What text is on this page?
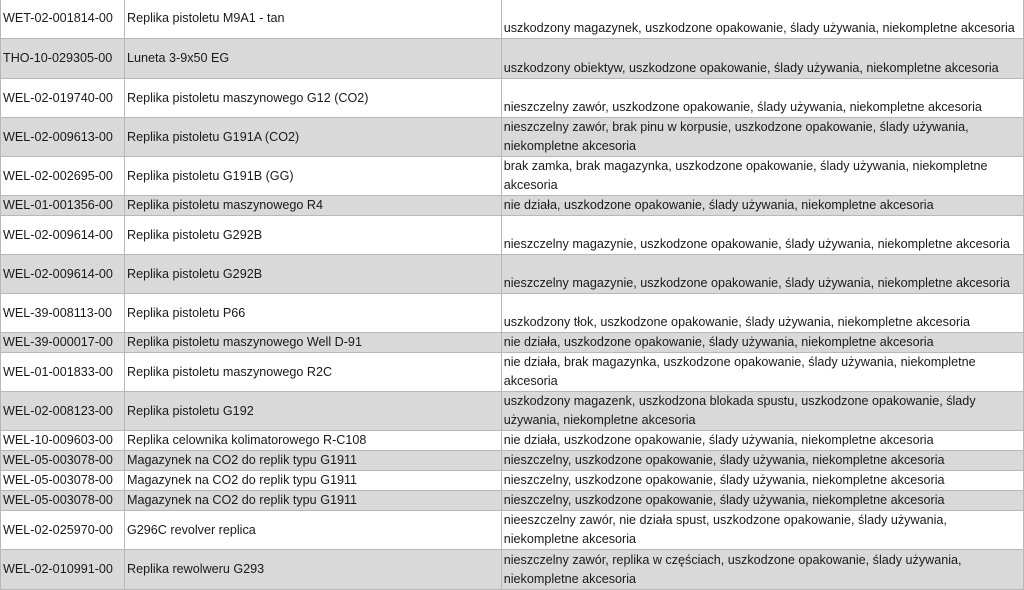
WET-02-001814-00	Replika pistoletu M9A1 - tan	uszkodzony magazynek, uszkodzone opakowanie, ślady używania, niekompletne akcesoria
THO-10-029305-00	Luneta 3-9x50 EG	uszkodzony obiektyw, uszkodzone opakowanie, ślady używania, niekompletne akcesoria
WEL-02-019740-00	Replika pistoletu maszynowego G12 (CO2)	nieszczelny zawór, uszkodzone opakowanie, ślady używania, niekompletne akcesoria
WEL-02-009613-00	Replika pistoletu G191A (CO2)	nieszczelny zawór, brak pinu w korpusie, uszkodzone opakowanie, ślady używania, niekompletne akcesoria
WEL-02-002695-00	Replika pistoletu G191B (GG)	brak zamka, brak magazynka, uszkodzone opakowanie, ślady używania, niekompletne akcesoria
WEL-01-001356-00	Replika pistoletu maszynowego R4	nie działa, uszkodzone opakowanie, ślady używania, niekompletne akcesoria
WEL-02-009614-00	Replika pistoletu G292B	nieszczelny magazynie, uszkodzone opakowanie, ślady używania, niekompletne akcesoria
WEL-02-009614-00	Replika pistoletu G292B	nieszczelny magazynie, uszkodzone opakowanie, ślady używania, niekompletne akcesoria
WEL-39-008113-00	Replika pistoletu P66	uszkodzony tłok, uszkodzone opakowanie, ślady używania, niekompletne akcesoria
WEL-39-000017-00	Replika pistoletu maszynowego Well D-91	nie działa, uszkodzone opakowanie, ślady używania, niekompletne akcesoria
WEL-01-001833-00	Replika pistoletu maszynowego R2C	nie działa, brak magazynka, uszkodzone opakowanie, ślady używania, niekompletne akcesoria
WEL-02-008123-00	Replika pistoletu G192	uszkodzony magazenk, uszkodzona blokada spustu, uszkodzone opakowanie, ślady używania, niekompletne akcesoria
WEL-10-009603-00	Replika celownika kolimatorowego R-C108	nie działa, uszkodzone opakowanie, ślady używania, niekompletne akcesoria
WEL-05-003078-00	Magazynek na CO2 do replik typu G1911	nieszczelny, uszkodzone opakowanie, ślady używania, niekompletne akcesoria
WEL-05-003078-00	Magazynek na CO2 do replik typu G1911	nieszczelny, uszkodzone opakowanie, ślady używania, niekompletne akcesoria
WEL-05-003078-00	Magazynek na CO2 do replik typu G1911	nieszczelny, uszkodzone opakowanie, ślady używania, niekompletne akcesoria
WEL-02-025970-00	G296C revolver replica	nieeszczelny zawór, nie działa spust, uszkodzone opakowanie, ślady używania, niekompletne akcesoria
WEL-02-010991-00	Replika rewolweru G293	nieszczelny zawór, replika w częściach, uszkodzone opakowanie, ślady używania, niekompletne akcesoria
